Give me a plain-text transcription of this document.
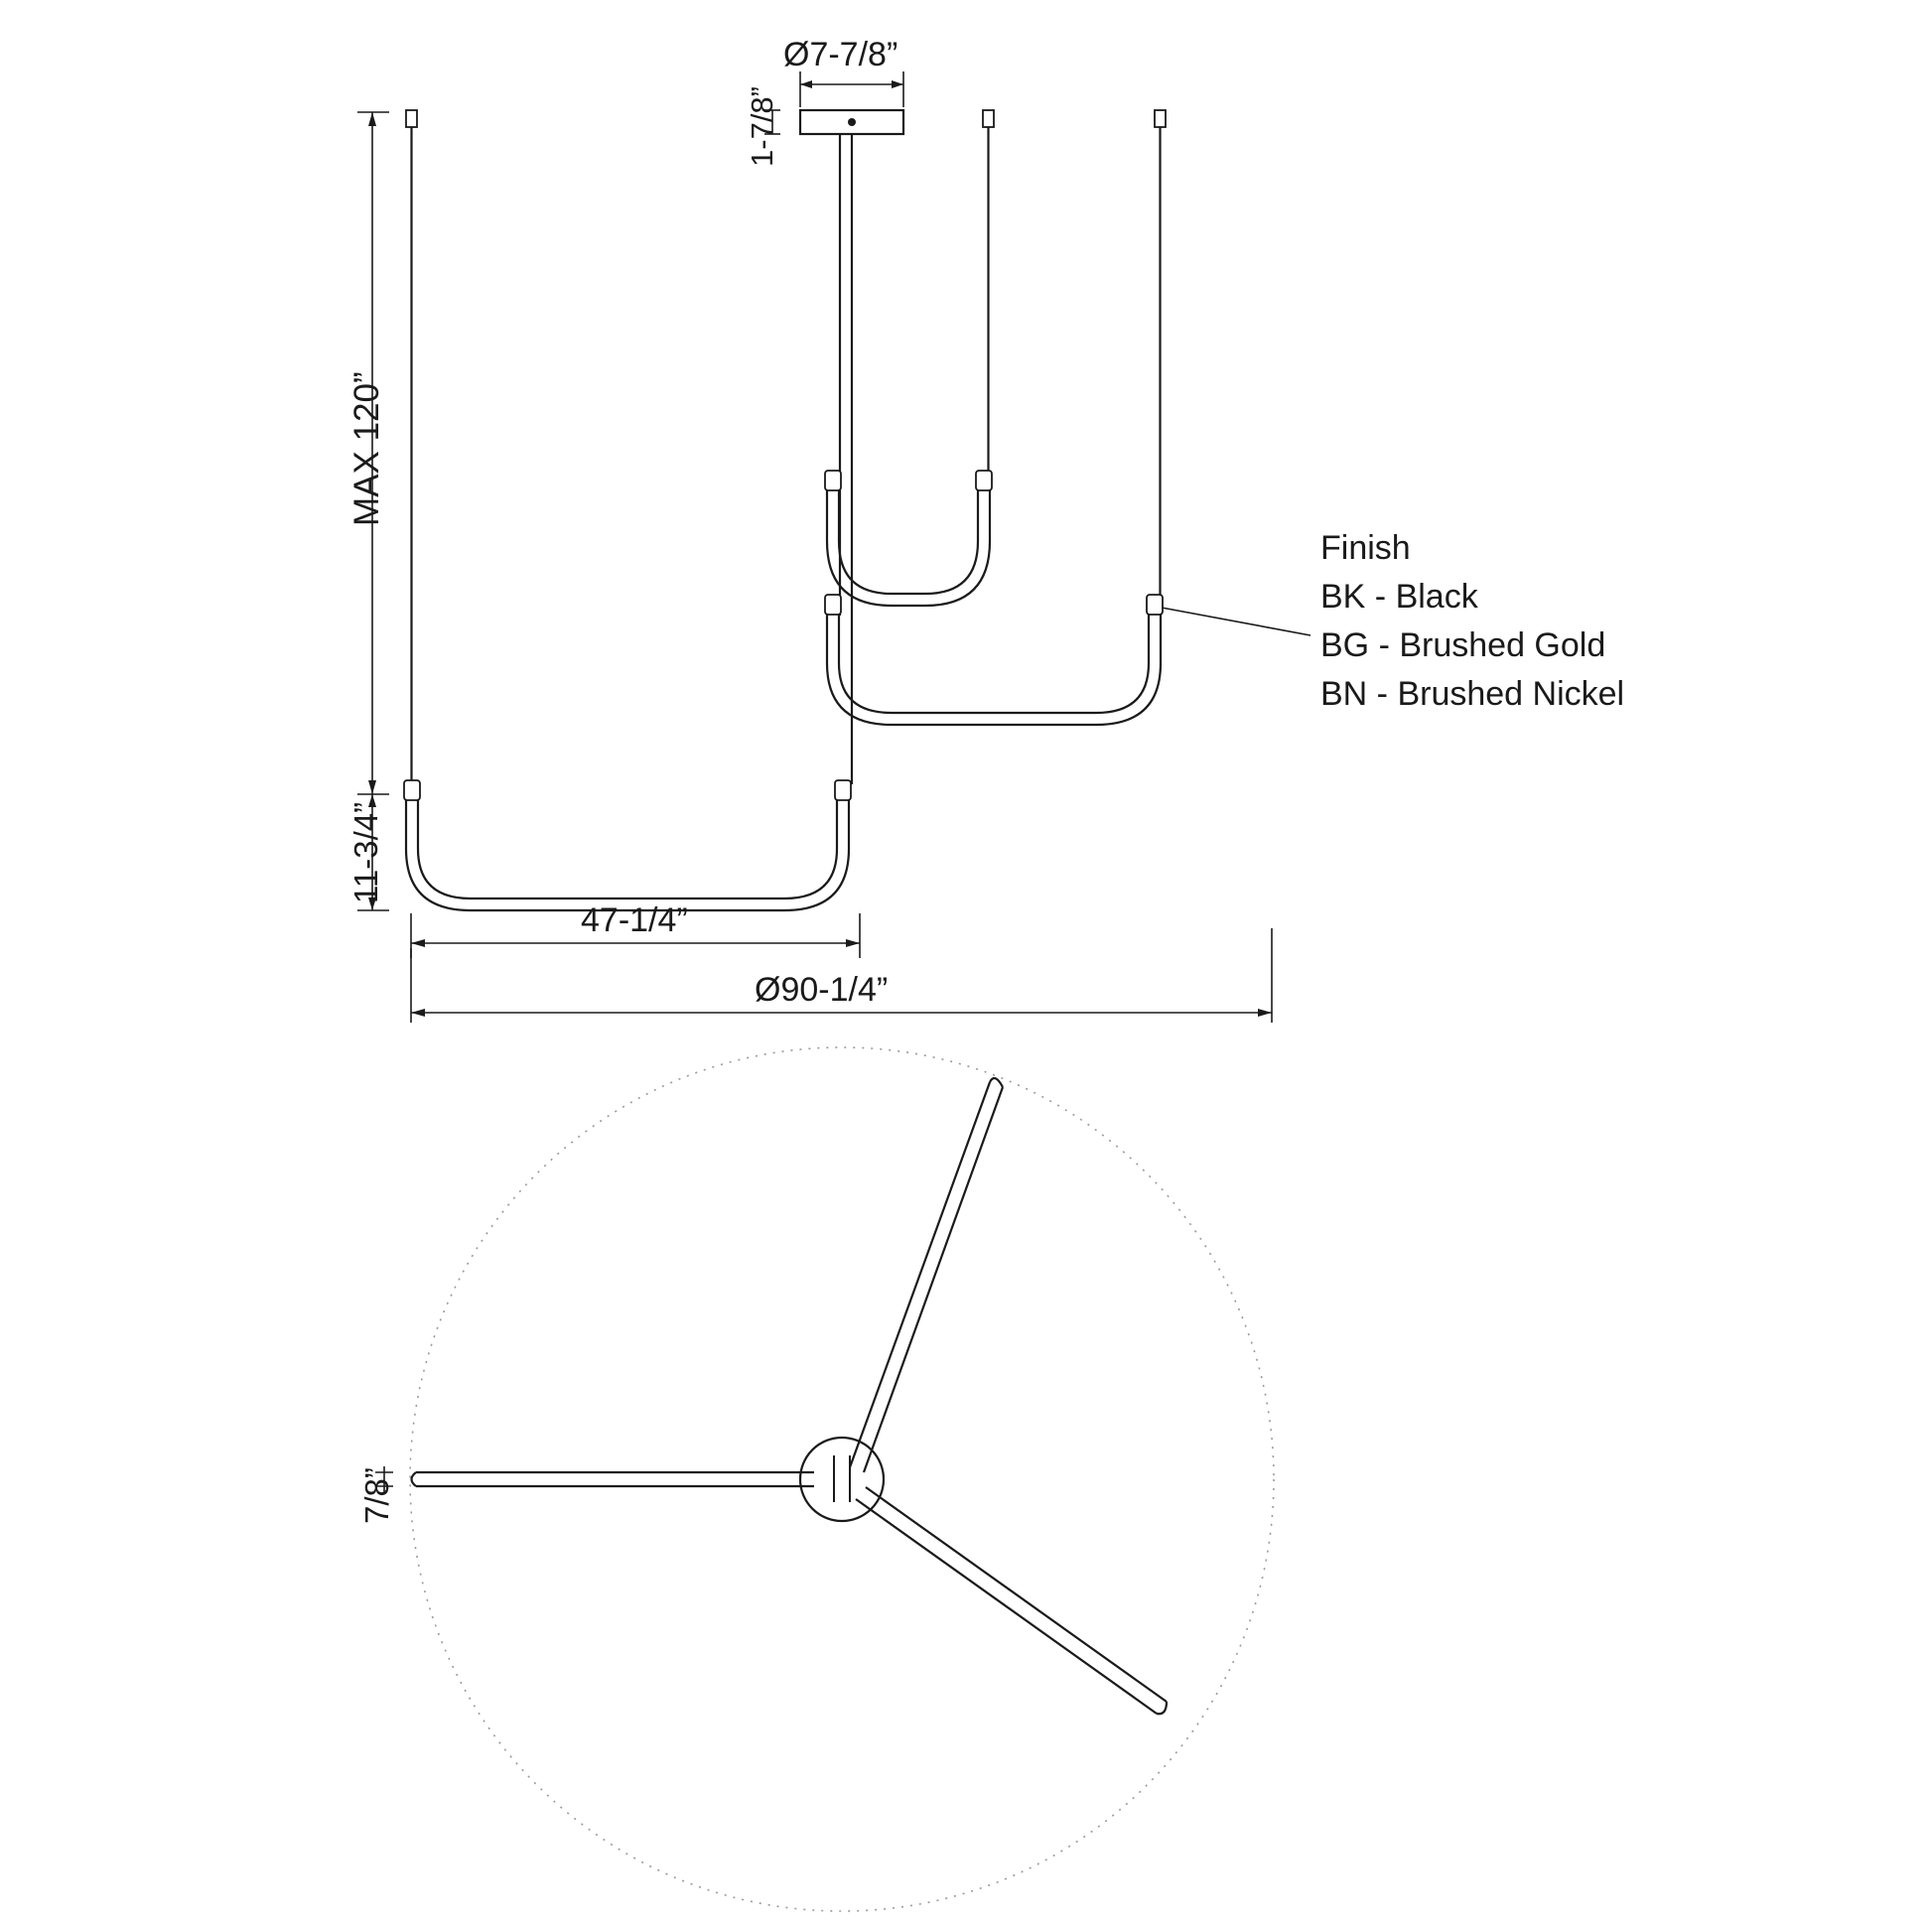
Ø7-7/8”
1-7/8”
MAX 120”
11-3/4”
47-1/4”
Ø90-1/4”
7/8”
Finish
BK - Black
BG - Brushed Gold
BN - Brushed Nickel
